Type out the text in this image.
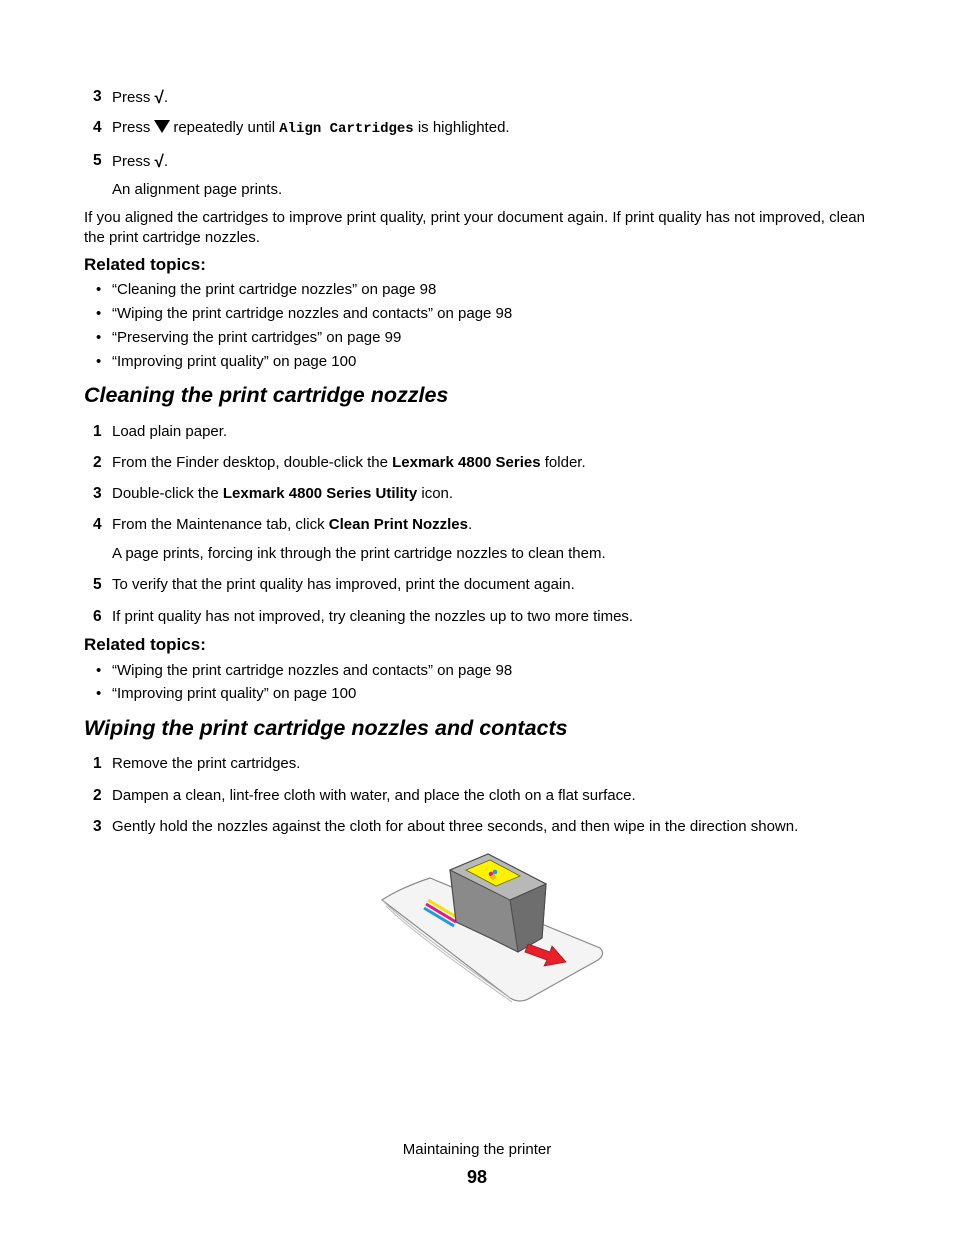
3 Press √.
4 Press repeatedly until Align Cartridges is highlighted.
5 Press √.
An alignment page prints.
If you aligned the cartridges to improve print quality, print your document again. If print quality has not improved, clean the print cartridge nozzles.
Related topics:
• “Cleaning the print cartridge nozzles” on page 98
• “Wiping the print cartridge nozzles and contacts” on page 98
• “Preserving the print cartridges” on page 99
• “Improving print quality” on page 100
Cleaning the print cartridge nozzles
1 Load plain paper.
2 From the Finder desktop, double-click the Lexmark 4800 Series folder.
3 Double-click the Lexmark 4800 Series Utility icon.
4 From the Maintenance tab, click Clean Print Nozzles.
A page prints, forcing ink through the print cartridge nozzles to clean them.
5 To verify that the print quality has improved, print the document again.
6 If print quality has not improved, try cleaning the nozzles up to two more times.
Related topics:
• “Wiping the print cartridge nozzles and contacts” on page 98
• “Improving print quality” on page 100
Wiping the print cartridge nozzles and contacts
1 Remove the print cartridges.
2 Dampen a clean, lint-free cloth with water, and place the cloth on a flat surface.
3 Gently hold the nozzles against the cloth for about three seconds, and then wipe in the direction shown.
Maintaining the printer
98
